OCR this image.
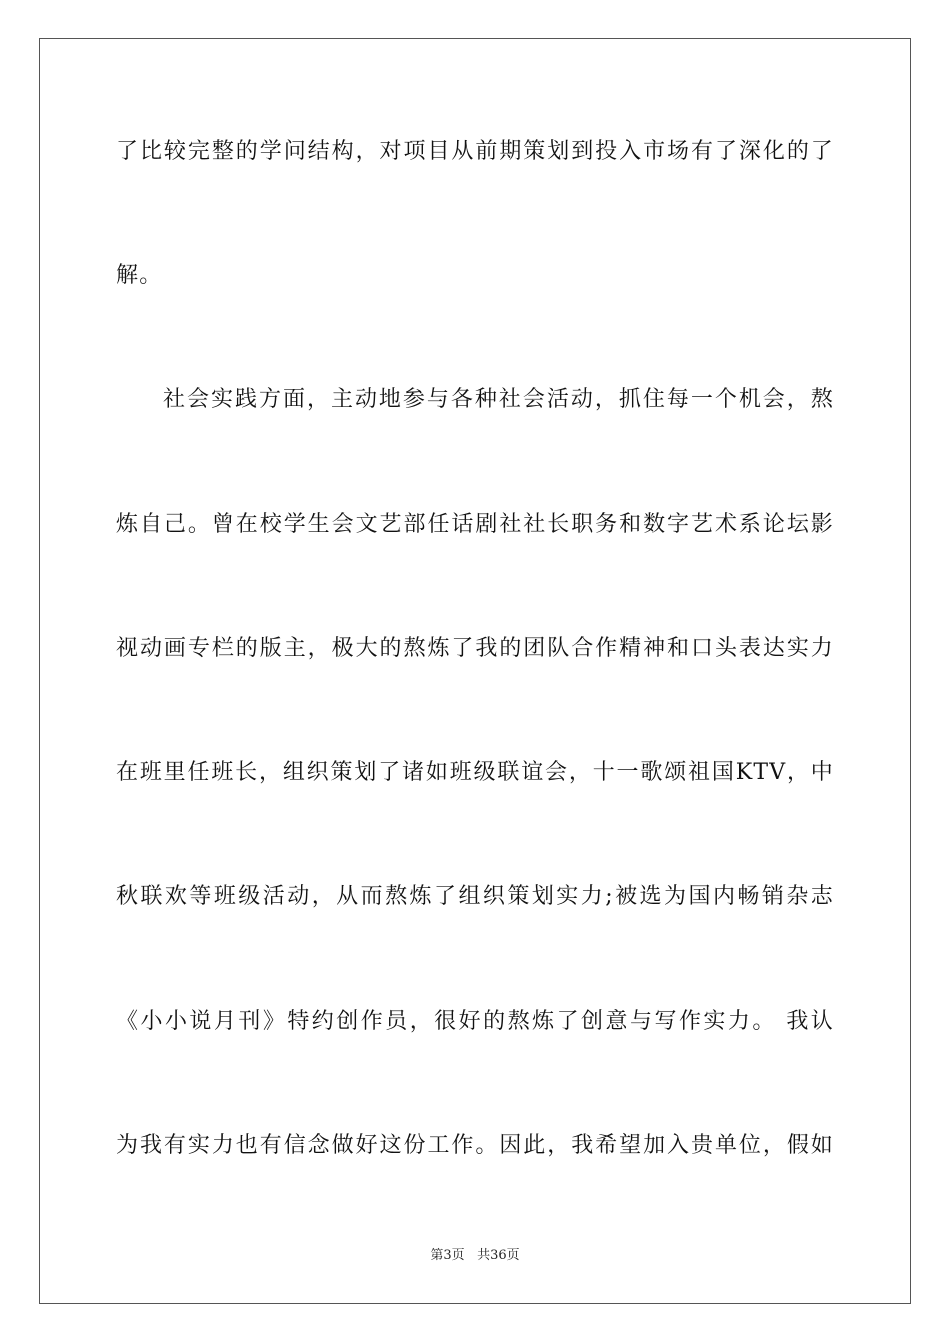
了比较完整的学问结构，对项目从前期策划到投入市场有了深化的了
解。
社会实践方面，主动地参与各种社会活动，抓住每一个机会，熬
炼自己。曾在校学生会文艺部任话剧社社长职务和数字艺术系论坛影
视动画专栏的版主，极大的熬炼了我的团队合作精神和口头表达实力
在班里任班长，组织策划了诸如班级联谊会，十一歌颂祖国KTV，中
秋联欢等班级活动，从而熬炼了组织策划实力;被选为国内畅销杂志
《小小说月刊》特约创作员，很好的熬炼了创意与写作实力。 我认
为我有实力也有信念做好这份工作。因此，我希望加入贵单位，假如
第3页 共36页
